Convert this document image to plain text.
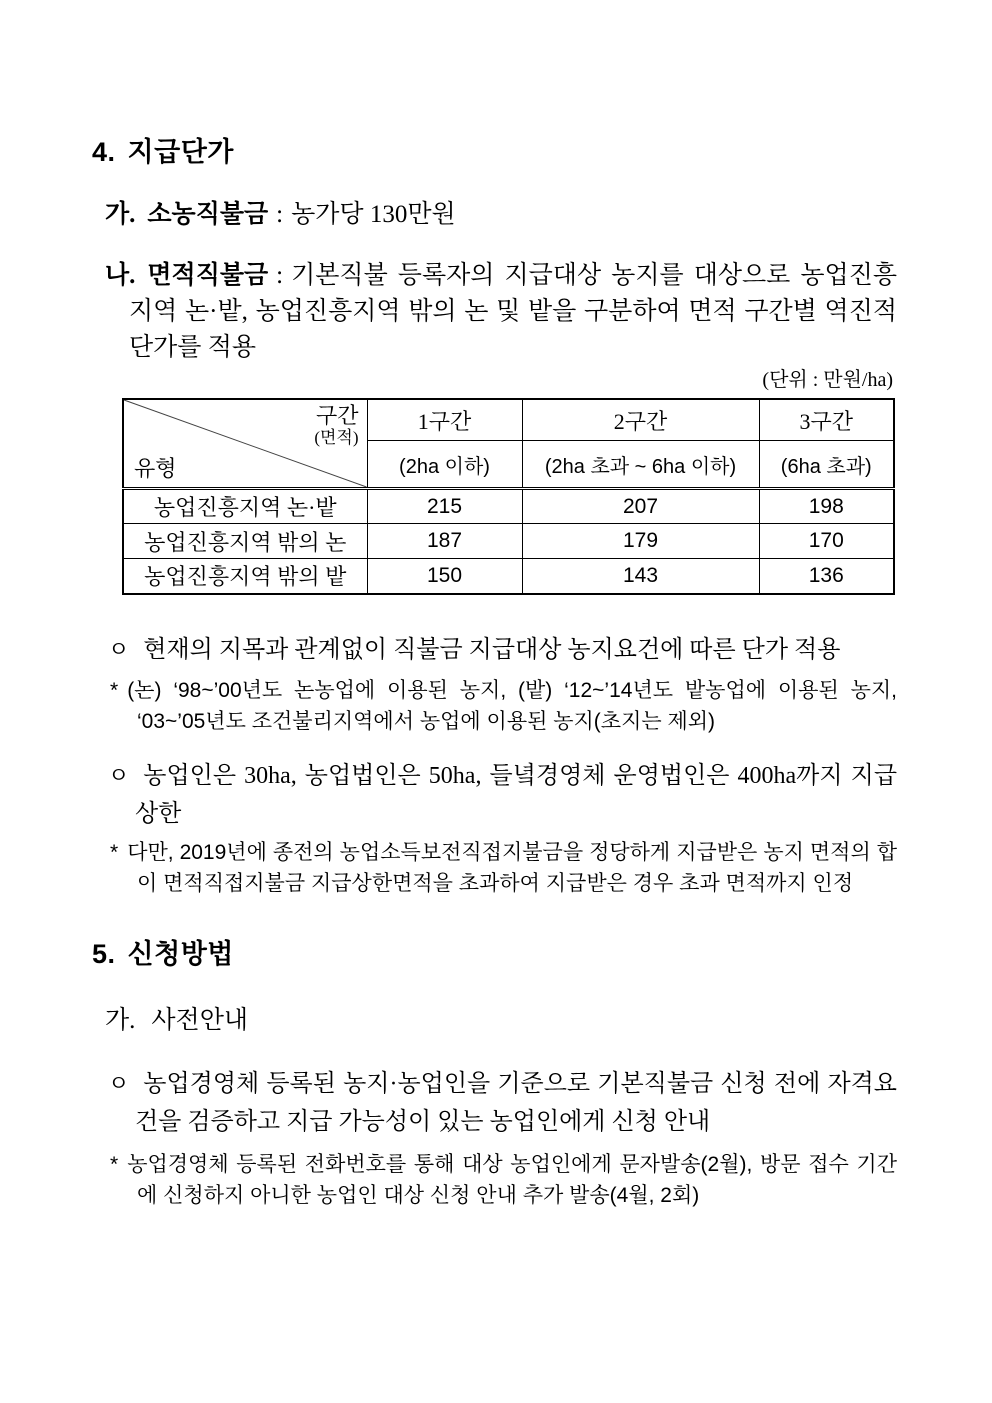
4. 지급단가
가. 소농직불금 : 농가당 130만원
나. 면적직불금 : 기본직불 등록자의 지급대상 농지를 대상으로 농업진흥지역 논·밭, 농업진흥지역 밖의 논 및 밭을 구분하여 면적 구간별 역진적 단가를 적용
(단위 : 만원/ha)
구간
(면적)
유형	1구간	2구간	3구간
	(2ha 이하)	(2ha 초과 ~ 6ha 이하)	(6ha 초과)
농업진흥지역 논·밭	215	207	198
농업진흥지역 밖의 논	187	179	170
농업진흥지역 밖의 밭	150	143	136
ㅇ 현재의 지목과 관계없이 직불금 지급대상 농지요건에 따른 단가 적용
* (논) ‘98~’00년도 논농업에 이용된 농지, (밭) ‘12~’14년도 밭농업에 이용된 농지, ‘03~’05년도 조건불리지역에서 농업에 이용된 농지(초지는 제외)
ㅇ 농업인은 30ha, 농업법인은 50ha, 들녘경영체 운영법인은 400ha까지 지급 상한
* 다만, 2019년에 종전의 농업소득보전직접지불금을 정당하게 지급받은 농지 면적의 합이 면적직접지불금 지급상한면적을 초과하여 지급받은 경우 초과 면적까지 인정
5. 신청방법
가. 사전안내
ㅇ 농업경영체 등록된 농지·농업인을 기준으로 기본직불금 신청 전에 자격요건을 검증하고 지급 가능성이 있는 농업인에게 신청 안내
* 농업경영체 등록된 전화번호를 통해 대상 농업인에게 문자발송(2월), 방문 접수 기간에 신청하지 아니한 농업인 대상 신청 안내 추가 발송(4월, 2회)
